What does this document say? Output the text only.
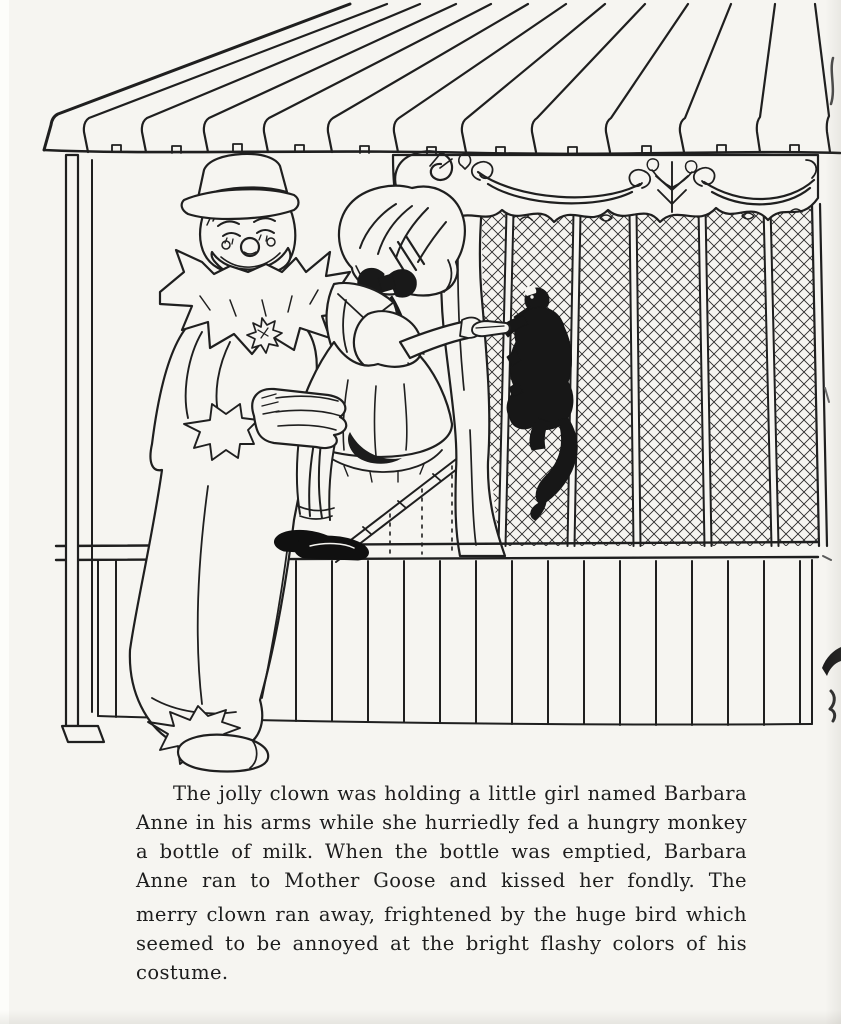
The jolly clown was holding a little girl named Barbara
Anne in his arms while she hurriedly fed a hungry monkey
a bottle of milk. When the bottle was emptied, Barbara
Anne ran to Mother Goose and kissed her fondly. The
merry clown ran away, frightened by the huge bird which
seemed to be annoyed at the bright flashy colors of his
costume.
